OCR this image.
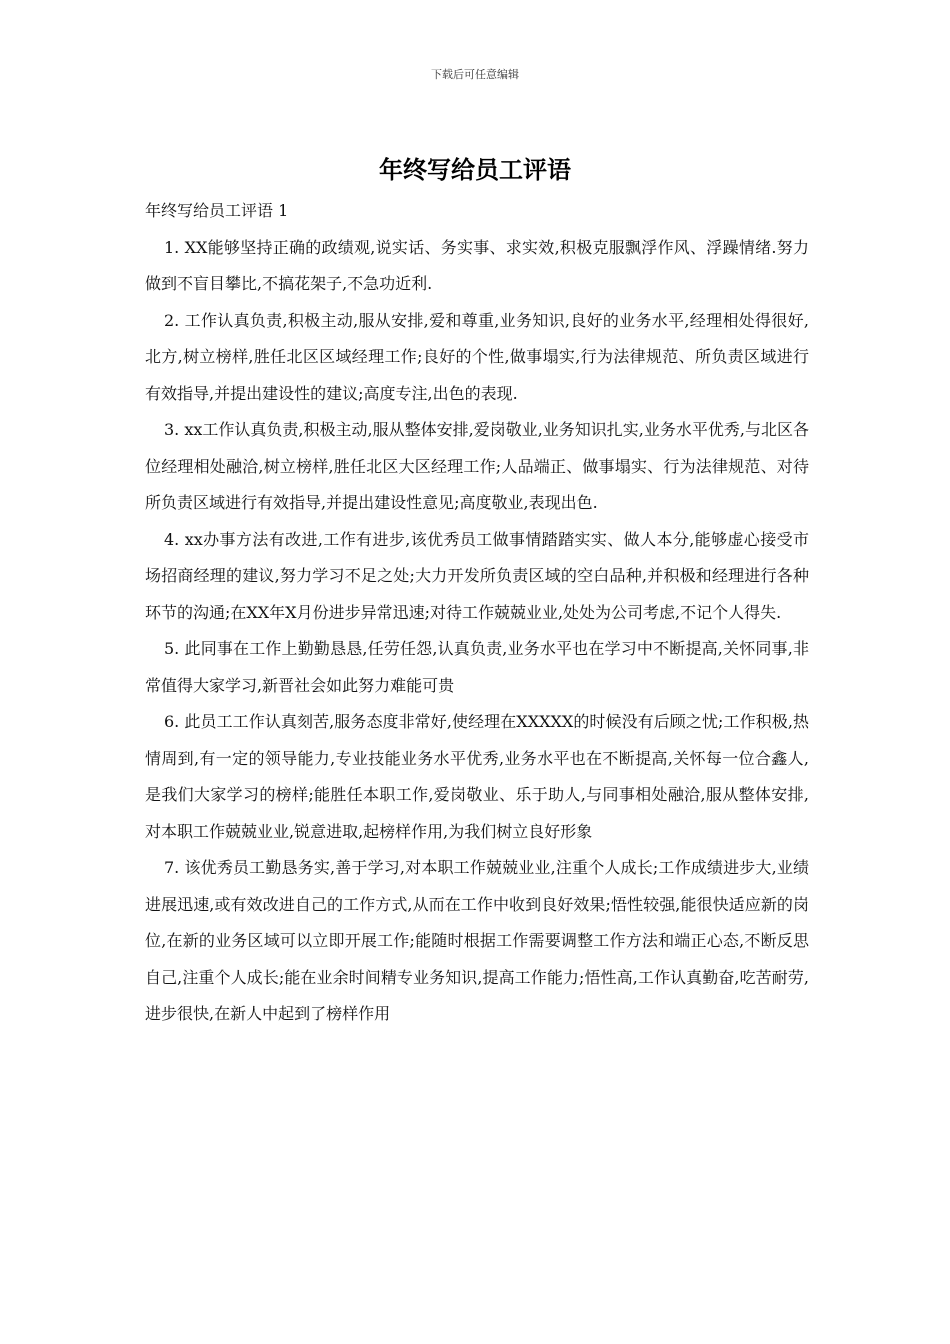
下载后可任意编辑
年终写给员工评语

年终写给员工评语 1

1. XX能够坚持正确的政绩观,说实话、务实事、求实效,积极克服飘浮作风、浮躁情绪.努力做到不盲目攀比,不搞花架子,不急功近利.

2. 工作认真负责,积极主动,服从安排,爱和尊重,业务知识,良好的业务水平,经理相处得很好,北方,树立榜样,胜任北区区域经理工作;良好的个性,做事塌实,行为法律规范、所负责区域进行有效指导,并提出建设性的建议;高度专注,出色的表现.

3. xx工作认真负责,积极主动,服从整体安排,爱岗敬业,业务知识扎实,业务水平优秀,与北区各位经理相处融洽,树立榜样,胜任北区大区经理工作;人品端正、做事塌实、行为法律规范、对待所负责区域进行有效指导,并提出建设性意见;高度敬业,表现出色.

4. xx办事方法有改进,工作有进步,该优秀员工做事情踏踏实实、做人本分,能够虚心接受市场招商经理的建议,努力学习不足之处;大力开发所负责区域的空白品种,并积极和经理进行各种环节的沟通;在XX年X月份进步异常迅速;对待工作兢兢业业,处处为公司考虑,不记个人得失.

5. 此同事在工作上勤勤恳恳,任劳任怨,认真负责,业务水平也在学习中不断提高,关怀同事,非常值得大家学习,新晋社会如此努力难能可贵

6. 此员工工作认真刻苦,服务态度非常好,使经理在XXXXX的时候没有后顾之忧;工作积极,热情周到,有一定的领导能力,专业技能业务水平优秀,业务水平也在不断提高,关怀每一位合鑫人,是我们大家学习的榜样;能胜任本职工作,爱岗敬业、乐于助人,与同事相处融洽,服从整体安排,对本职工作兢兢业业,锐意进取,起榜样作用,为我们树立良好形象

7. 该优秀员工勤恳务实,善于学习,对本职工作兢兢业业,注重个人成长;工作成绩进步大,业绩进展迅速,或有效改进自己的工作方式,从而在工作中收到良好效果;悟性较强,能很快适应新的岗位,在新的业务区域可以立即开展工作;能随时根据工作需要调整工作方法和端正心态,不断反思自己,注重个人成长;能在业余时间精专业务知识,提高工作能力;悟性高,工作认真勤奋,吃苦耐劳,进步很快,在新人中起到了榜样作用
